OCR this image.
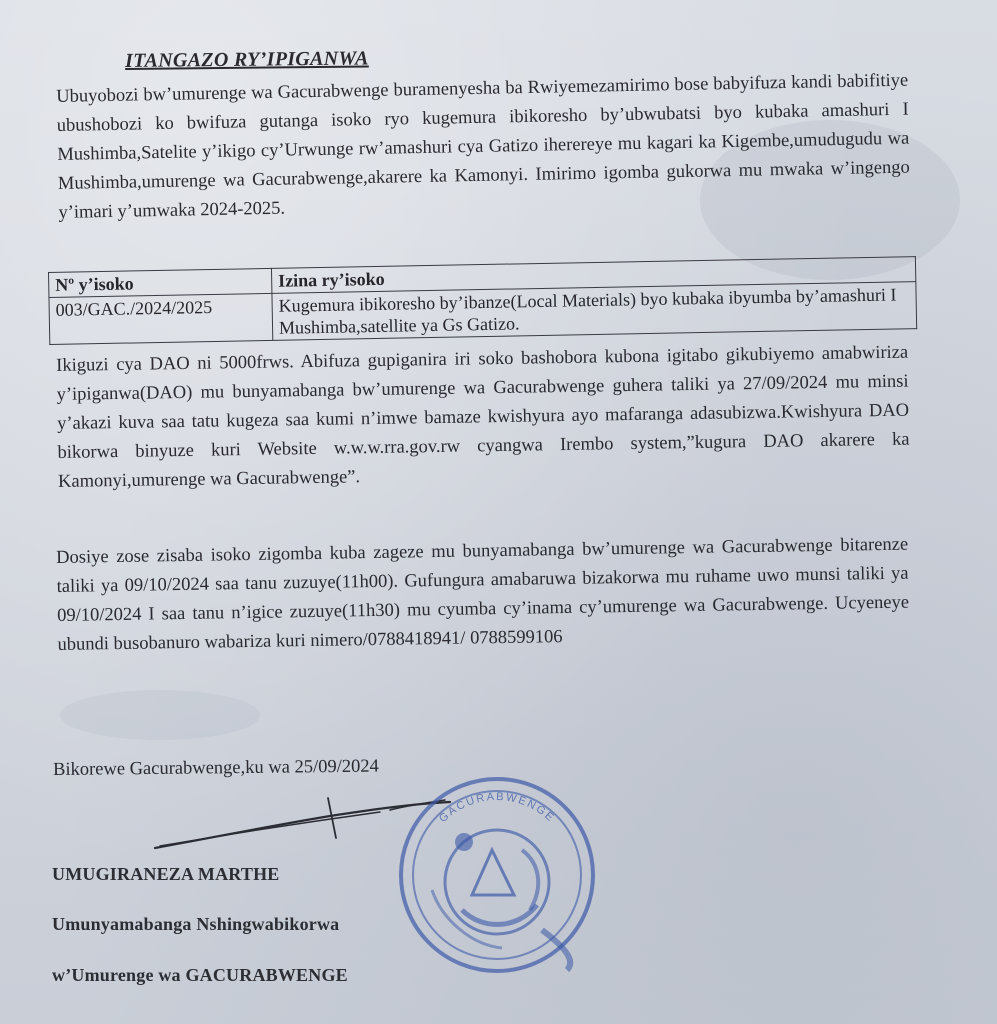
ITANGAZO RY’IPIGANWA

Ubuyobozi bw’umurenge wa Gacurabwenge buramenyesha ba Rwiyemezamirimo bose babyifuza kandi babifitiye ubushobozi ko bwifuza gutanga isoko ryo kugemura ibikoresho by’ubwubatsi byo kubaka amashuri I Mushimba,Satelite y’ikigo cy’Urwunge rw’amashuri cya Gatizo iherereye mu kagari ka Kigembe,umudugudu wa Mushimba,umurenge wa Gacurabwenge,akarere ka Kamonyi. Imirimo igomba gukorwa mu mwaka w’ingengo y’imari y’umwaka 2024-2025.

Nº y’isoko	Izina ry’isoko
003/GAC./2024/2025	Kugemura ibikoresho by’ibanze(Local Materials) byo kubaka ibyumba by’amashuri I Mushimba,satellite ya Gs Gatizo.

Ikiguzi cya DAO ni 5000frws. Abifuza gupiganira iri soko bashobora kubona igitabo gikubiyemo amabwiriza y’ipiganwa(DAO) mu bunyamabanga bw’umurenge wa Gacurabwenge guhera taliki ya 27/09/2024 mu minsi y’akazi kuva saa tatu kugeza saa kumi n’imwe bamaze kwishyura ayo mafaranga adasubizwa.Kwishyura DAO bikorwa binyuze kuri Website w.w.w.rra.gov.rw cyangwa Irembo system,”kugura DAO akarere ka Kamonyi,umurenge wa Gacurabwenge”.

Dosiye zose zisaba isoko zigomba kuba zageze mu bunyamabanga bw’umurenge wa Gacurabwenge bitarenze taliki ya 09/10/2024 saa tanu zuzuye(11h00). Gufungura amabaruwa bizakorwa mu ruhame uwo munsi taliki ya 09/10/2024 I saa tanu n’igice zuzuye(11h30) mu cyumba cy’inama cy’umurenge wa Gacurabwenge. Ucyeneye ubundi busobanuro wabariza kuri nimero/0788418941/ 0788599106

Bikorewe Gacurabwenge,ku wa 25/09/2024
GACURABWENGE
UMUGIRANEZA MARTHE
Umunyamabanga Nshingwabikorwa
w’Umurenge wa GACURABWENGE
